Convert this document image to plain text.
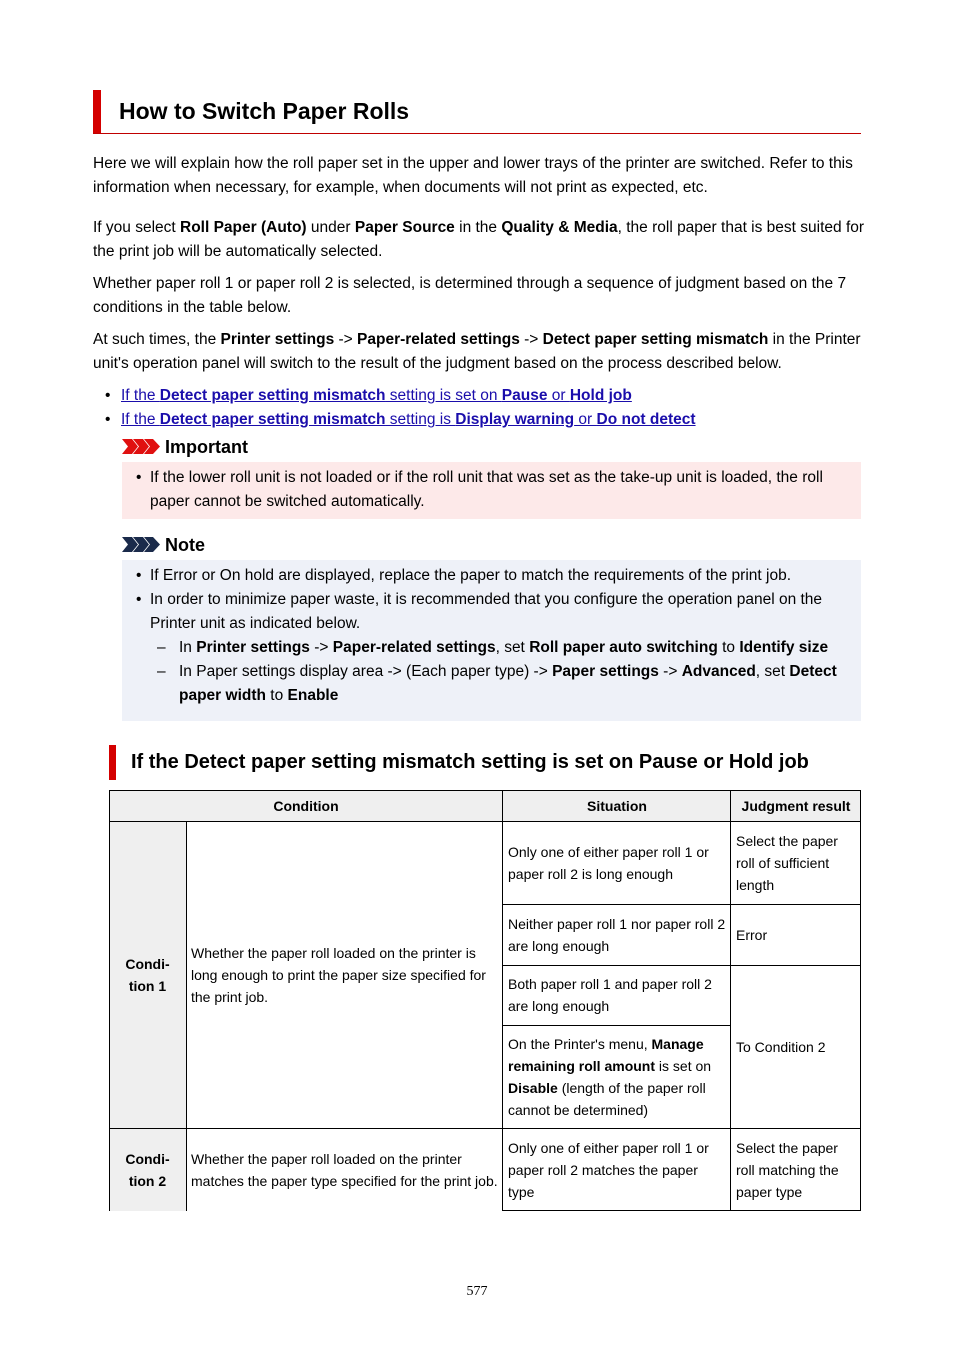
How to Switch Paper Rolls

Here we will explain how the roll paper set in the upper and lower trays of the printer are switched. Refer to this information when necessary, for example, when documents will not print as expected, etc.

If you select Roll Paper (Auto) under Paper Source in the Quality & Media, the roll paper that is best suited for the print job will be automatically selected.

Whether paper roll 1 or paper roll 2 is selected, is determined through a sequence of judgment based on the 7 conditions in the table below.

At such times, the Printer settings -> Paper-related settings -> Detect paper setting mismatch in the Printer unit's operation panel will switch to the result of the judgment based on the process described below.

• If the Detect paper setting mismatch setting is set on Pause or Hold job
• If the Detect paper setting mismatch setting is Display warning or Do not detect
Important
• If the lower roll unit is not loaded or if the roll unit that was set as the take-up unit is loaded, the roll paper cannot be switched automatically.
Note
• If Error or On hold are displayed, replace the paper to match the requirements of the print job.
• In order to minimize paper waste, it is recommended that you configure the operation panel on the Printer unit as indicated below.
– In Printer settings -> Paper-related settings, set Roll paper auto switching to Identify size
– In Paper settings display area -> (Each paper type) -> Paper settings -> Advanced, set Detect paper width to Enable
If the Detect paper setting mismatch setting is set on Pause or Hold job
Condition	Situation	Judgment result
Condi-
tion 1
Whether the paper roll loaded on the printer is long enough to print the paper size specified for the print job.
Only one of either paper roll 1 or paper roll 2 is long enough
Select the paper roll of sufficient length
Neither paper roll 1 nor paper roll 2 are long enough
Error
Both paper roll 1 and paper roll 2 are long enough
On the Printer's menu, Manage remaining roll amount is set on Disable (length of the paper roll cannot be determined)
To Condition 2
Condi-
tion 2
Whether the paper roll loaded on the printer matches the paper type specified for the print job.
Only one of either paper roll 1 or paper roll 2 matches the paper type
Select the paper roll matching the paper type
577
